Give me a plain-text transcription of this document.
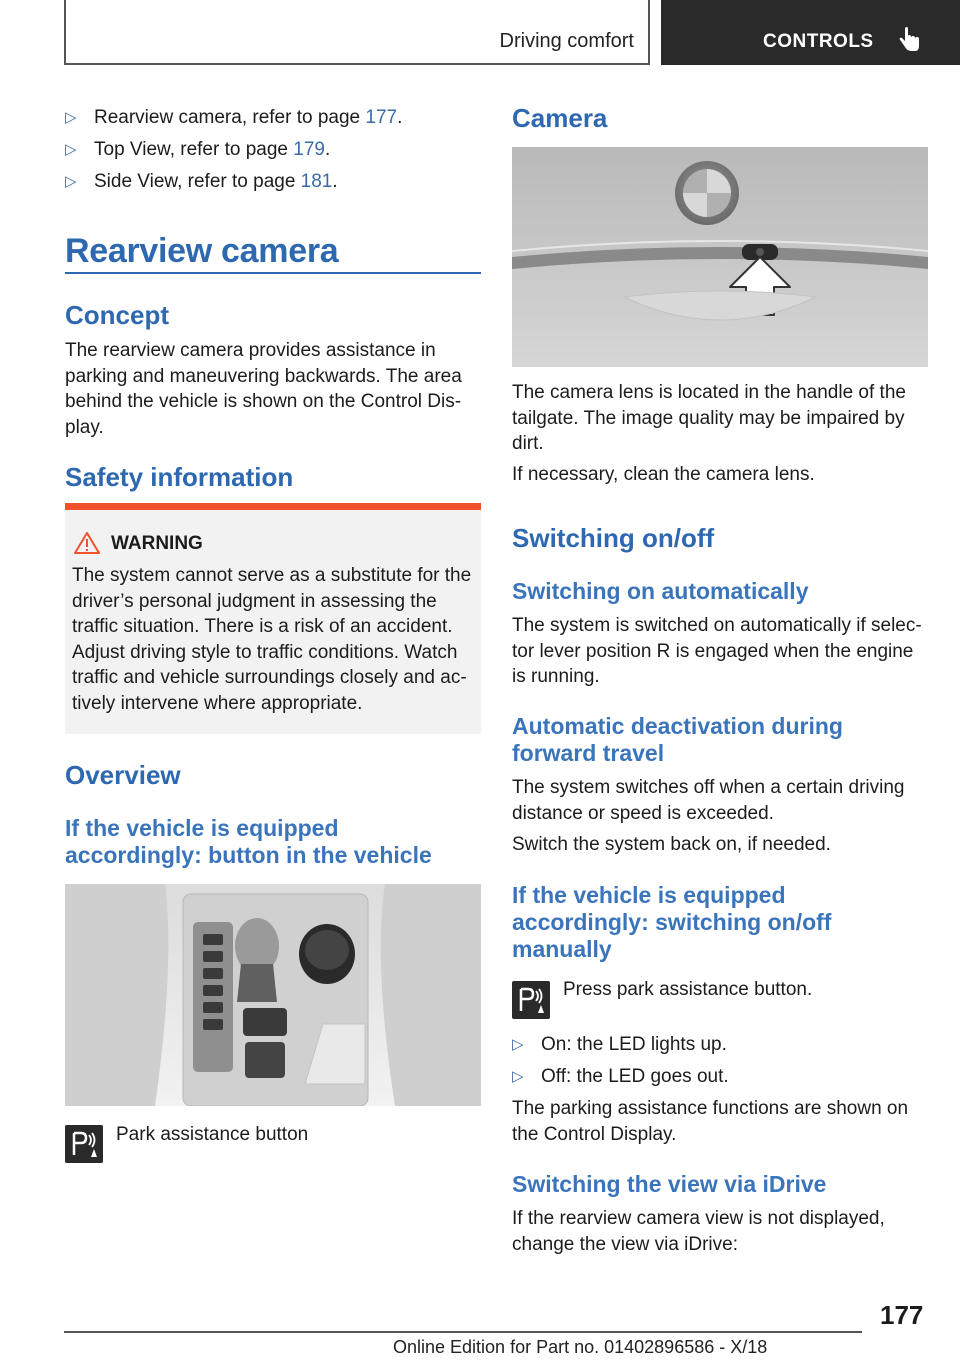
Driving comfort	CONTROLS
▷ Rearview camera, refer to page 177.
▷ Top View, refer to page 179.
▷ Side View, refer to page 181.
Rearview camera
Concept
The rearview camera provides assistance in
parking and maneuvering backwards. The area
behind the vehicle is shown on the Control Dis-
play.
Safety information
WARNING
The system cannot serve as a substitute for the
driver’s personal judgment in assessing the
traffic situation. There is a risk of an accident.
Adjust driving style to traffic conditions. Watch
traffic and vehicle surroundings closely and ac-
tively intervene where appropriate.
Overview
If the vehicle is equipped
accordingly: button in the vehicle
Park assistance button
Camera
The camera lens is located in the handle of the
tailgate. The image quality may be impaired by
dirt.
If necessary, clean the camera lens.
Switching on/off
Switching on automatically
The system is switched on automatically if selec-
tor lever position R is engaged when the engine
is running.
Automatic deactivation during
forward travel
The system switches off when a certain driving
distance or speed is exceeded.
Switch the system back on, if needed.
If the vehicle is equipped
accordingly: switching on/off
manually
Press park assistance button.
▷ On: the LED lights up.
▷ Off: the LED goes out.
The parking assistance functions are shown on
the Control Display.
Switching the view via iDrive
If the rearview camera view is not displayed,
change the view via iDrive:
177
Online Edition for Part no. 01402896586 - X/18
